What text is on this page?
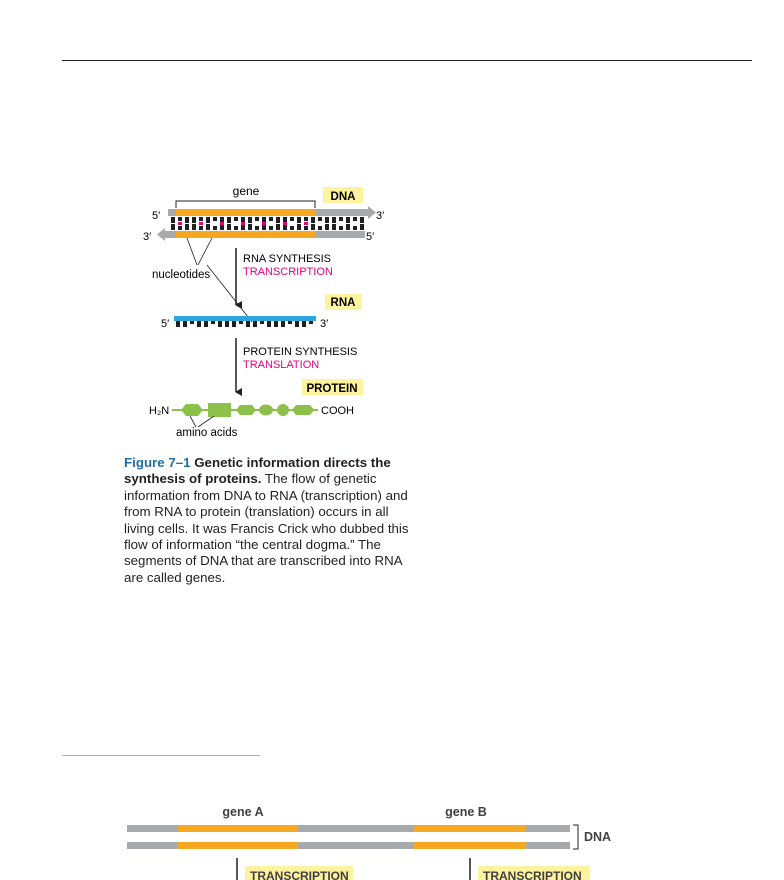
gene	DNA
5′	3′
3′	5′
nucleotides
RNA SYNTHESIS
TRANSCRIPTION
RNA
5′	3′
PROTEIN SYNTHESIS
TRANSLATION
PROTEIN
H₂N	COOH
amino acids
gene A	gene B
DNA
TRANSCRIPTION	TRANSCRIPTION
Figure 7–1 Genetic information directs the synthesis of proteins. The flow of genetic information from DNA to RNA (transcription) and from RNA to protein (translation) occurs in all living cells. It was Francis Crick who dubbed this flow of information “the central dogma.” The segments of DNA that are transcribed into RNA are called genes.
